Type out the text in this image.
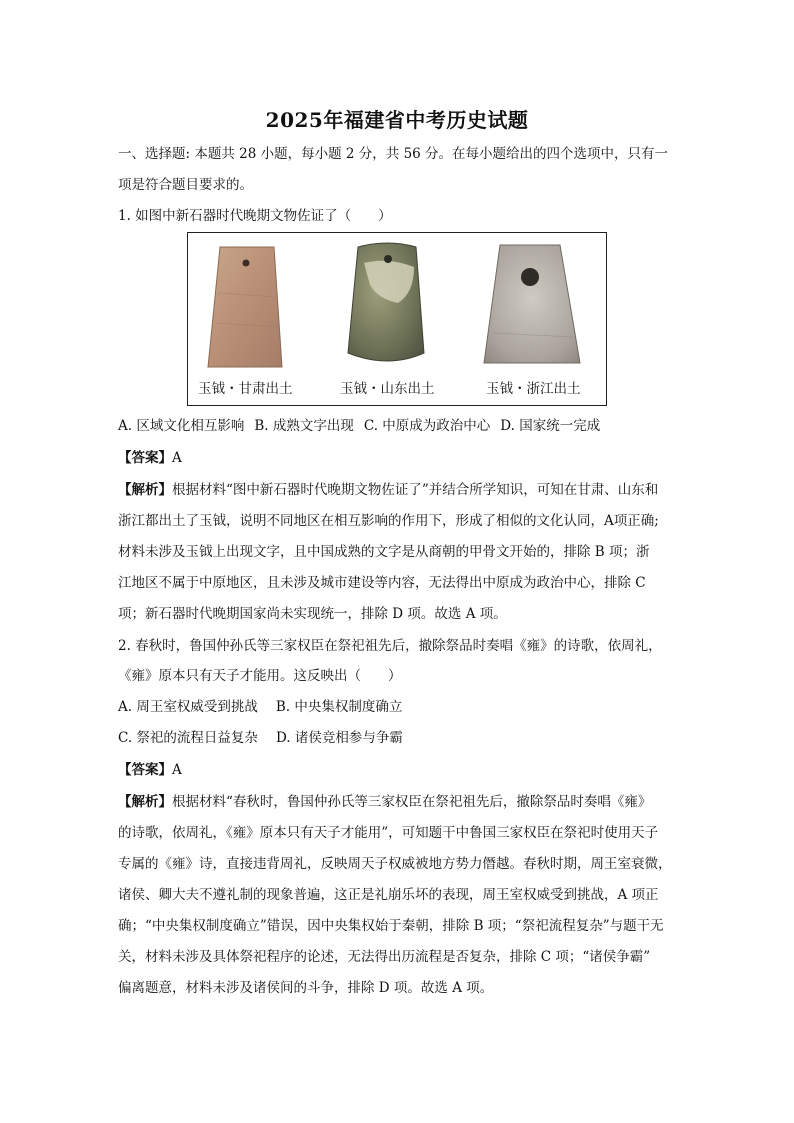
2025年福建省中考历史试题
一、选择题: 本题共 28 小题，每小题 2 分，共 56 分。在每小题给出的四个选项中，只有一
项是符合题目要求的。
1. 如图中新石器时代晚期文物佐证了（　　）
玉钺・甘肃出土	玉钺・山东出土	玉钺・浙江出土
A. 区域文化相互影响 B. 成熟文字出现 C. 中原成为政治中心 D. 国家统一完成
【答案】A
【解析】根据材料“图中新石器时代晚期文物佐证了”并结合所学知识，可知在甘肃、山东和
浙江都出土了玉钺，说明不同地区在相互影响的作用下，形成了相似的文化认同，A项正确;
材料未涉及玉钺上出现文字，且中国成熟的文字是从商朝的甲骨文开始的，排除 B 项；浙
江地区不属于中原地区，且未涉及城市建设等内容，无法得出中原成为政治中心，排除 C
项；新石器时代晚期国家尚未实现统一，排除 D 项。故选 A 项。
2. 春秋时，鲁国仲孙氏等三家权臣在祭祀祖先后，撤除祭品时奏唱《雍》的诗歌，依周礼，
《雍》原本只有天子才能用。这反映出（　　）
A. 周王室权威受到挑战 B. 中央集权制度确立
C. 祭祀的流程日益复杂 D. 诸侯竞相参与争霸
【答案】A
【解析】根据材料“春秋时，鲁国仲孙氏等三家权臣在祭祀祖先后，撤除祭品时奏唱《雍》
的诗歌，依周礼，《雍》原本只有天子才能用”，可知题干中鲁国三家权臣在祭祀时使用天子
专属的《雍》诗，直接违背周礼，反映周天子权威被地方势力僭越。春秋时期，周王室衰微，
诸侯、卿大夫不遵礼制的现象普遍，这正是礼崩乐坏的表现，周王室权威受到挑战，A 项正
确；“中央集权制度确立”错误，因中央集权始于秦朝，排除 B 项；“祭祀流程复杂”与题干无
关，材料未涉及具体祭祀程序的论述，无法得出历流程是否复杂，排除 C 项；“诸侯争霸”
偏离题意，材料未涉及诸侯间的斗争，排除 D 项。故选 A 项。
